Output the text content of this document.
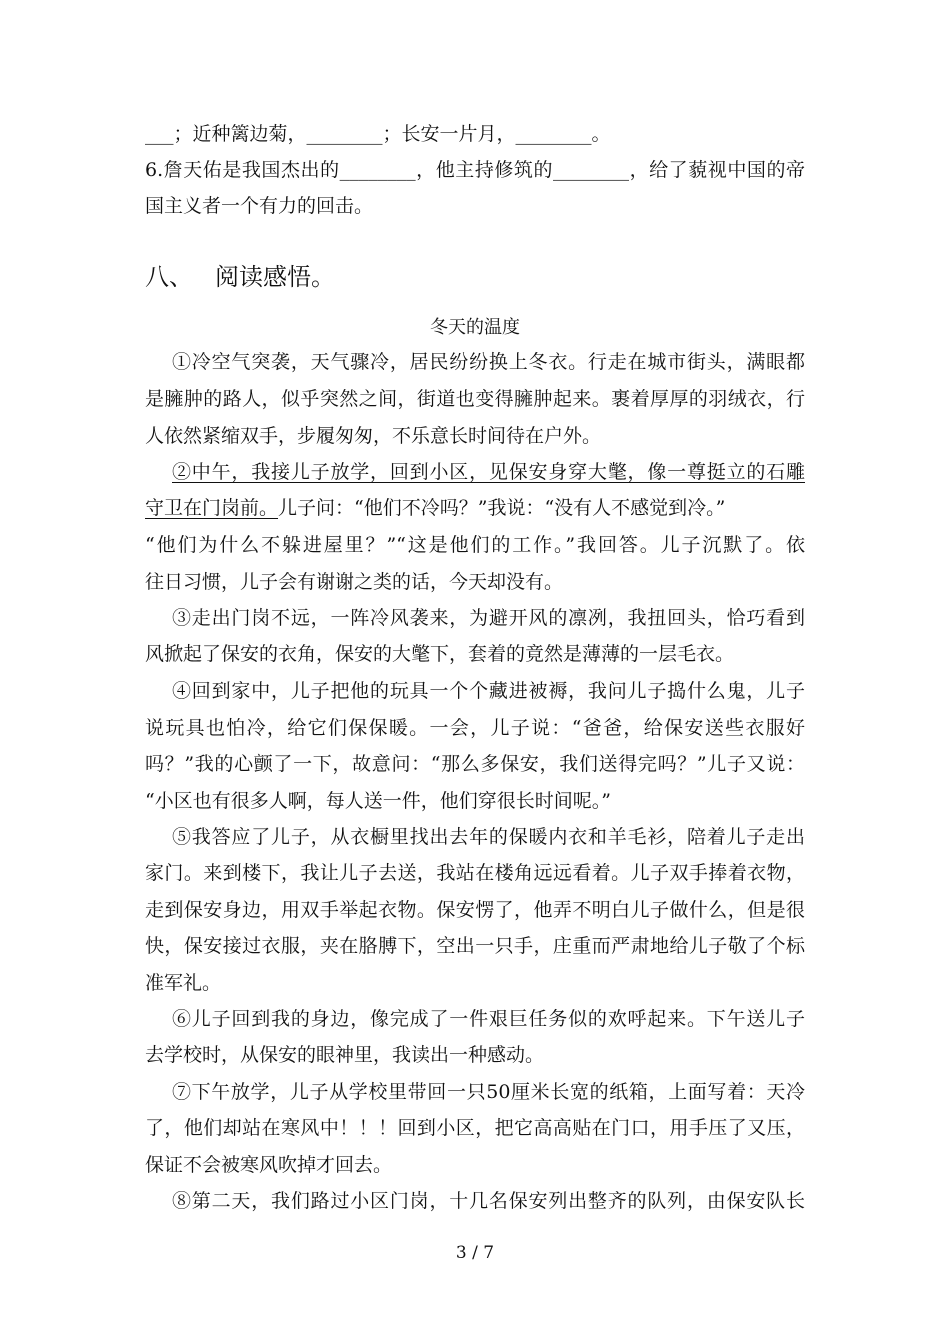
___；近种篱边菊，________；长安一片月，________。
6.詹天佑是我国杰出的________，他主持修筑的________，给了藐视中国的帝
国主义者一个有力的回击。
八、 阅读感悟。
冬天的温度
①冷空气突袭，天气骤冷，居民纷纷换上冬衣。行走在城市街头，满眼都
是臃肿的路人，似乎突然之间，街道也变得臃肿起来。裹着厚厚的羽绒衣，行
人依然紧缩双手，步履匆匆，不乐意长时间待在户外。
②中午，我接儿子放学，回到小区，见保安身穿大氅，像一尊挺立的石雕
守卫在门岗前。儿子问：“他们不冷吗？”我说：“没有人不感觉到冷。”
“他们为什么不躲进屋里？”“这是他们的工作。”我回答。儿子沉默了。依
往日习惯，儿子会有谢谢之类的话，今天却没有。
③走出门岗不远，一阵冷风袭来，为避开风的凛冽，我扭回头，恰巧看到
风掀起了保安的衣角，保安的大氅下，套着的竟然是薄薄的一层毛衣。
④回到家中，儿子把他的玩具一个个藏进被褥，我问儿子捣什么鬼，儿子
说玩具也怕冷，给它们保保暖。一会，儿子说：“爸爸，给保安送些衣服好
吗？”我的心颤了一下，故意问：“那么多保安，我们送得完吗？”儿子又说：
“小区也有很多人啊，每人送一件，他们穿很长时间呢。”
⑤我答应了儿子，从衣橱里找出去年的保暖内衣和羊毛衫，陪着儿子走出
家门。来到楼下，我让儿子去送，我站在楼角远远看着。儿子双手捧着衣物，
走到保安身边，用双手举起衣物。保安愣了，他弄不明白儿子做什么，但是很
快，保安接过衣服，夹在胳膊下，空出一只手，庄重而严肃地给儿子敬了个标
准军礼。
⑥儿子回到我的身边，像完成了一件艰巨任务似的欢呼起来。下午送儿子
去学校时，从保安的眼神里，我读出一种感动。
⑦下午放学，儿子从学校里带回一只50厘米长宽的纸箱，上面写着：天冷
了，他们却站在寒风中！！！回到小区，把它高高贴在门口，用手压了又压，
保证不会被寒风吹掉才回去。
⑧第二天，我们路过小区门岗，十几名保安列出整齐的队列，由保安队长
3 / 7
